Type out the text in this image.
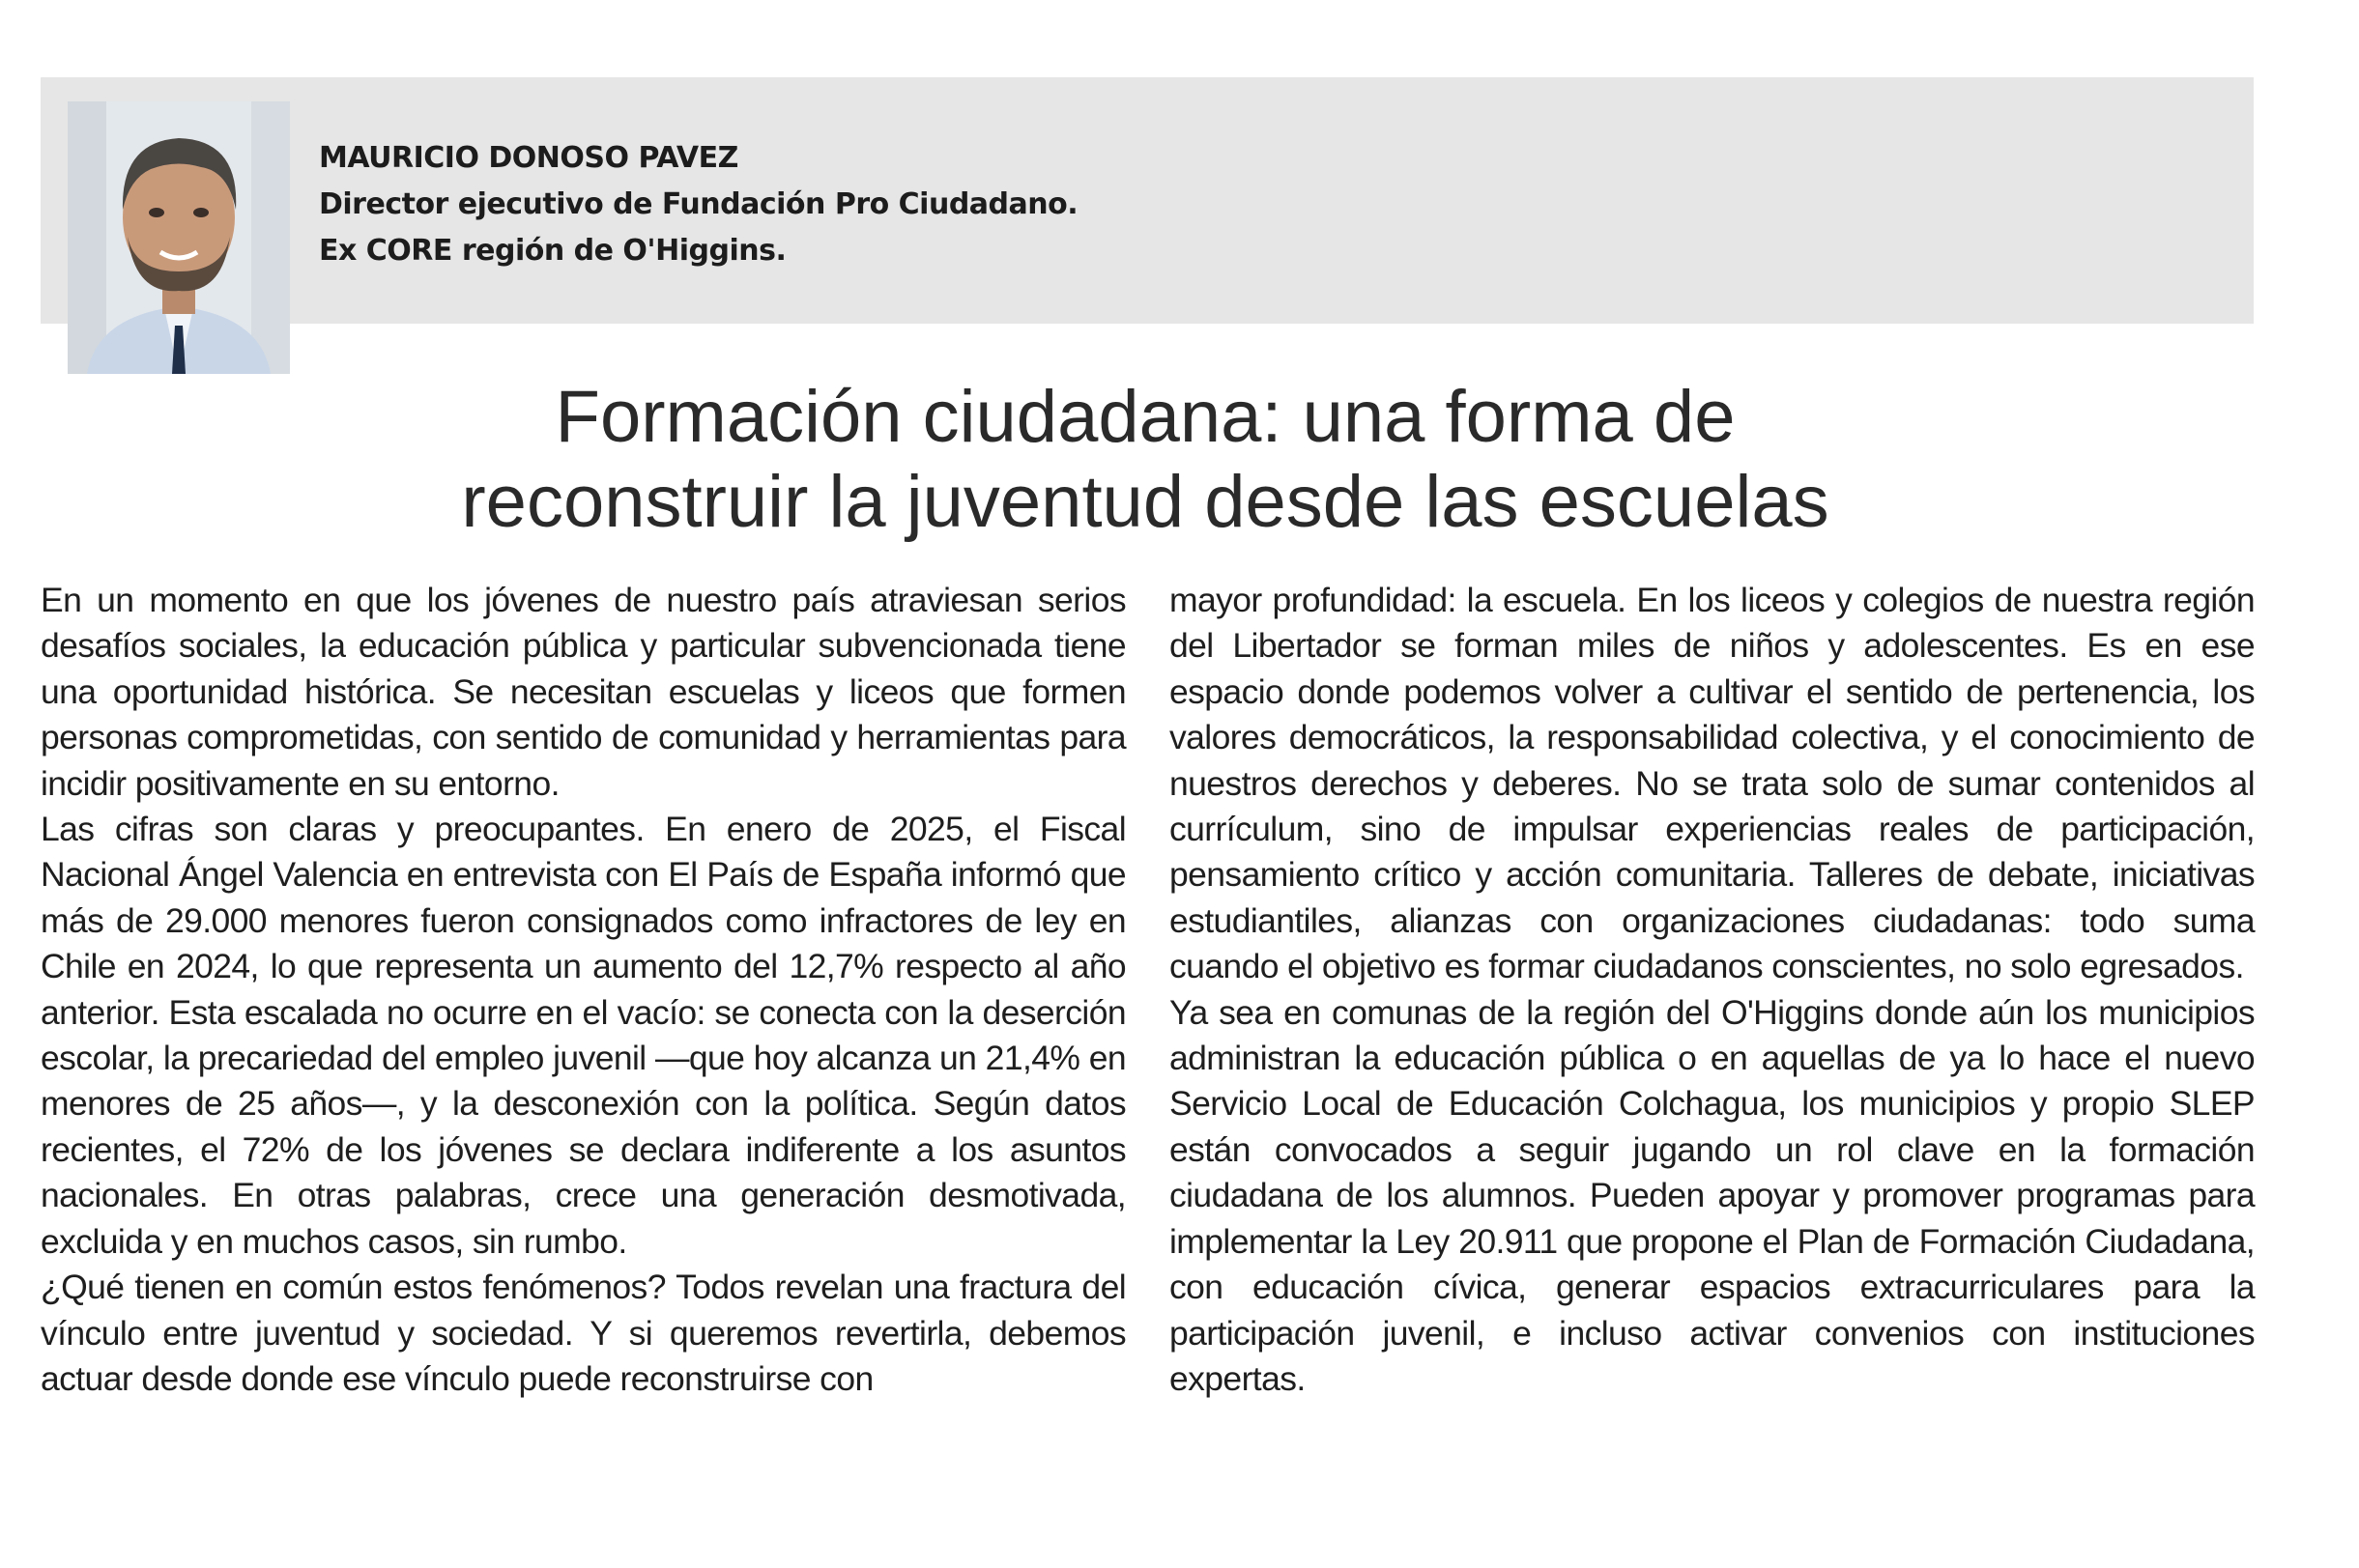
MAURICIO DONOSO PAVEZ
Director ejecutivo de Fundación Pro Ciudadano.
Ex CORE región de O'Higgins.
Formación ciudadana: una forma de
reconstruir la juventud desde las escuelas

En un momento en que los jóvenes de nuestro país atraviesan serios desafíos sociales, la educación pública y particular subvencionada tiene una oportunidad histórica. Se necesitan escuelas y liceos que formen personas comprometidas, con sentido de comunidad y herramientas para incidir positivamente en su entorno.

Las cifras son claras y preocupantes. En enero de 2025, el Fiscal Nacional Ángel Valencia en entrevista con El País de España informó que más de 29.000 menores fueron consignados como infractores de ley en Chile en 2024, lo que representa un aumento del 12,7% respecto al año anterior. Esta escalada no ocurre en el vacío: se conecta con la deserción escolar, la precariedad del empleo juvenil —que hoy alcanza un 21,4% en menores de 25 años—, y la desconexión con la política. Según datos recientes, el 72% de los jóvenes se declara indiferente a los asuntos nacionales. En otras palabras, crece una generación desmotivada, excluida y en muchos casos, sin rumbo.

¿Qué tienen en común estos fenómenos? Todos revelan una fractura del vínculo entre juventud y sociedad. Y si queremos revertirla, debemos actuar desde donde ese vínculo puede reconstruirse con

mayor profundidad: la escuela. En los liceos y colegios de nuestra región del Libertador se forman miles de niños y adolescentes. Es en ese espacio donde podemos volver a cultivar el sentido de pertenencia, los valores democráticos, la responsabilidad colectiva, y el conocimiento de nuestros derechos y deberes. No se trata solo de sumar contenidos al currículum, sino de impulsar experiencias reales de participación, pensamiento crítico y acción comunitaria. Talleres de debate, iniciativas estudiantiles, alianzas con organizaciones ciudadanas: todo suma cuando el objetivo es formar ciudadanos conscientes, no solo egresados.

Ya sea en comunas de la región del O'Higgins donde aún los municipios administran la educación pública o en aquellas de ya lo hace el nuevo Servicio Local de Educación Colchagua, los municipios y propio SLEP están convocados a seguir jugando un rol clave en la formación ciudadana de los alumnos. Pueden apoyar y promover programas para implementar la Ley 20.911 que propone el Plan de Formación Ciudadana, con educación cívica, generar espacios extracurriculares para la participación juvenil, e incluso activar convenios con instituciones expertas.
